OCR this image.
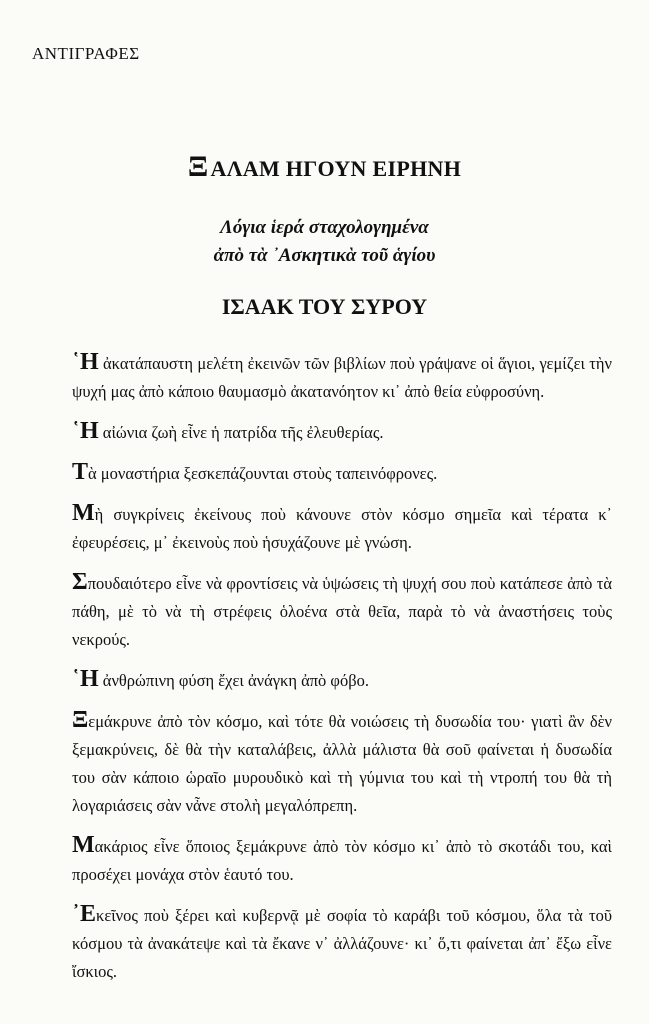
ΑΝΤΙΓΡΑΦΕΣ
ΞΑΛΑΜ ΗΓΟΥΝ ΕΙΡΗΝΗ
Λόγια ἱερά σταχολογημένα
ἀπὸ τὰ ᾿Ασκητικὰ τοῦ ἁγίου
ΙΣΑΑΚ ΤΟΥ ΣΥΡΟΥ

῾Η ἀκατάπαυστη μελέτη ἐκεινῶν τῶν βιβλίων ποὺ γράψανε οἱ ἅγιοι, γεμίζει τὴν ψυχή μας ἀπὸ κάποιο θαυμασμὸ ἀκατανόητον κι᾿ ἀπὸ θεία εὐφροσύνη.

῾Η αἰώνια ζωὴ εἶνε ἡ πατρίδα τῆς ἐλευθερίας.

Τὰ μοναστήρια ξεσκεπάζουνται στοὺς ταπεινόφρονες.

Μὴ συγκρίνεις ἐκείνους ποὺ κάνουνε στὸν κόσμο σημεῖα καὶ τέρατα κ᾿ ἐφευρέσεις, μ᾿ ἐκεινοὺς ποὺ ἡσυχάζουνε μὲ γνώση.

Σπουδαιότερο εἶνε νὰ φροντίσεις νὰ ὑψώσεις τὴ ψυχή σου ποὺ κατάπεσε ἀπὸ τὰ πάθη, μὲ τὸ νὰ τὴ στρέφεις ὁλοένα στὰ θεῖα, παρὰ τὸ νὰ ἀναστήσεις τοὺς νεκρούς.

῾Η ἀνθρώπινη φύση ἔχει ἀνάγκη ἀπὸ φόβο.

Ξεμάκρυνε ἀπὸ τὸν κόσμο, καὶ τότε θὰ νοιώσεις τὴ δυσωδία του· γιατὶ ἂν δὲν ξεμακρύνεις, δὲ θὰ τὴν καταλάβεις, ἀλλὰ μάλιστα θὰ σοῦ φαίνεται ἡ δυσωδία του σὰν κάποιο ὡραῖο μυρουδικὸ καὶ τὴ γύμνια του καὶ τὴ ντροπή του θὰ τὴ λογαριάσεις σὰν νἆνε στολὴ μεγαλόπρεπη.

Μακάριος εἶνε ὅποιος ξεμάκρυνε ἀπὸ τὸν κόσμο κι᾿ ἀπὸ τὸ σκοτάδι του, καὶ προσέχει μονάχα στὸν ἑαυτό του.

᾿Εκεῖνος ποὺ ξέρει καὶ κυβερνᾷ μὲ σοφία τὸ καράβι τοῦ κόσμου, ὅλα τὰ τοῦ κόσμου τὰ ἀνακάτεψε καὶ τὰ ἔκανε ν᾿ ἀλλάζουνε· κι᾿ ὅ,τι φαίνεται ἀπ᾿ ἔξω εἶνε ἴσκιος.
